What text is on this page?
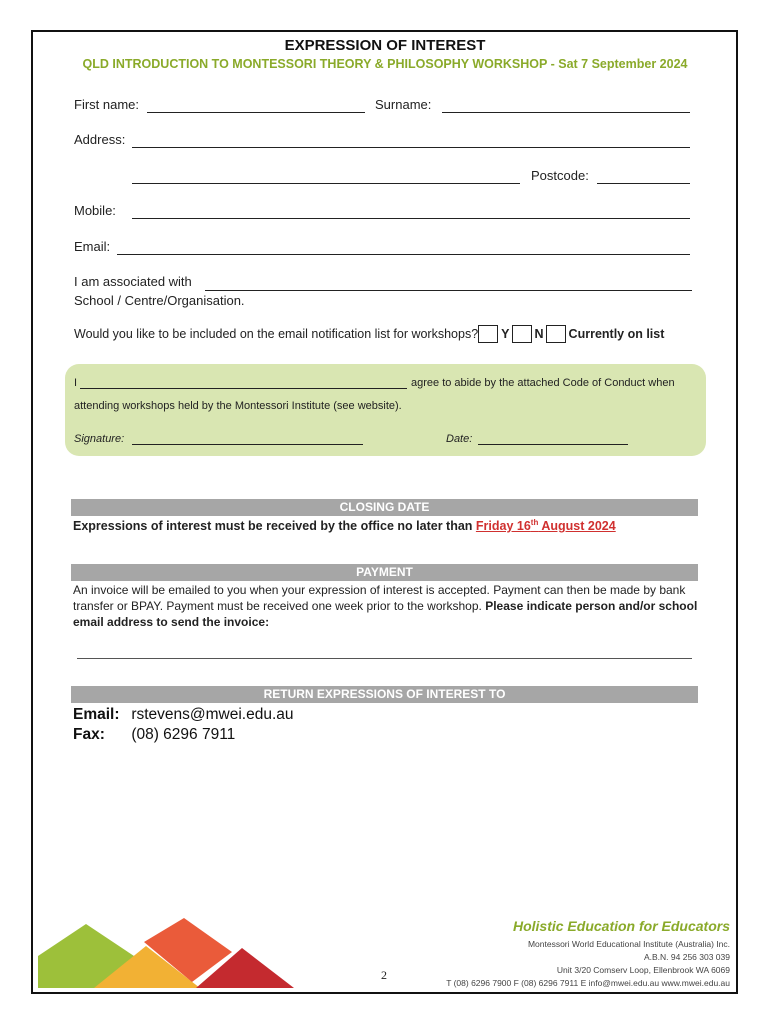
EXPRESSION OF INTEREST
QLD INTRODUCTION TO MONTESSORI THEORY & PHILOSOPHY WORKSHOP - Sat 7 September 2024
First name:	Surname:
Address:
Postcode:
Mobile:
Email:
I am associated with
School / Centre/Organisation.
Would you like to be included on the email notification list for workshops? Y N Currently on list
I	agree to abide by the attached Code of Conduct when
attending workshops held by the Montessori Institute (see website).
Signature:	Date:
CLOSING DATE
Expressions of interest must be received by the office no later than Friday 16th August 2024
PAYMENT
An invoice will be emailed to you when your expression of interest is accepted. Payment can then be made by bank transfer or BPAY. Payment must be received one week prior to the workshop. Please indicate person and/or school email address to send the invoice:
RETURN EXPRESSIONS OF INTEREST TO
Email: rstevens@mwei.edu.au
Fax: (08) 6296 7911
2
Holistic Education for Educators
Montessori World Educational Institute (Australia) Inc.
A.B.N. 94 256 303 039
Unit 3/20 Comserv Loop, Ellenbrook WA 6069
T (08) 6296 7900 F (08) 6296 7911 E info@mwei.edu.au www.mwei.edu.au
